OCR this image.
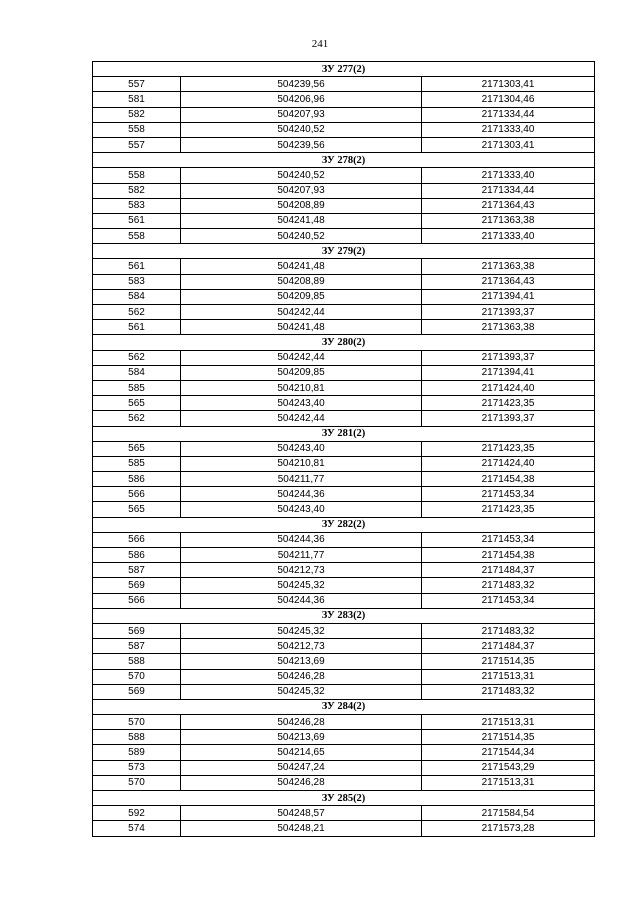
241
ЗУ 277(2)		
557	504239,56	2171303,41
581	504206,96	2171304,46
582	504207,93	2171334,44
558	504240,52	2171333,40
557	504239,56	2171303,41
ЗУ 278(2)		
558	504240,52	2171333,40
582	504207,93	2171334,44
583	504208,89	2171364,43
561	504241,48	2171363,38
558	504240,52	2171333,40
ЗУ 279(2)		
561	504241,48	2171363,38
583	504208,89	2171364,43
584	504209,85	2171394,41
562	504242,44	2171393,37
561	504241,48	2171363,38
ЗУ 280(2)		
562	504242,44	2171393,37
584	504209,85	2171394,41
585	504210,81	2171424,40
565	504243,40	2171423,35
562	504242,44	2171393,37
ЗУ 281(2)		
565	504243,40	2171423,35
585	504210,81	2171424,40
586	504211,77	2171454,38
566	504244,36	2171453,34
565	504243,40	2171423,35
ЗУ 282(2)		
566	504244,36	2171453,34
586	504211,77	2171454,38
587	504212,73	2171484,37
569	504245,32	2171483,32
566	504244,36	2171453,34
ЗУ 283(2)		
569	504245,32	2171483,32
587	504212,73	2171484,37
588	504213,69	2171514,35
570	504246,28	2171513,31
569	504245,32	2171483,32
ЗУ 284(2)		
570	504246,28	2171513,31
588	504213,69	2171514,35
589	504214,65	2171544,34
573	504247,24	2171543,29
570	504246,28	2171513,31
ЗУ 285(2)		
592	504248,57	2171584,54
574	504248,21	2171573,28
